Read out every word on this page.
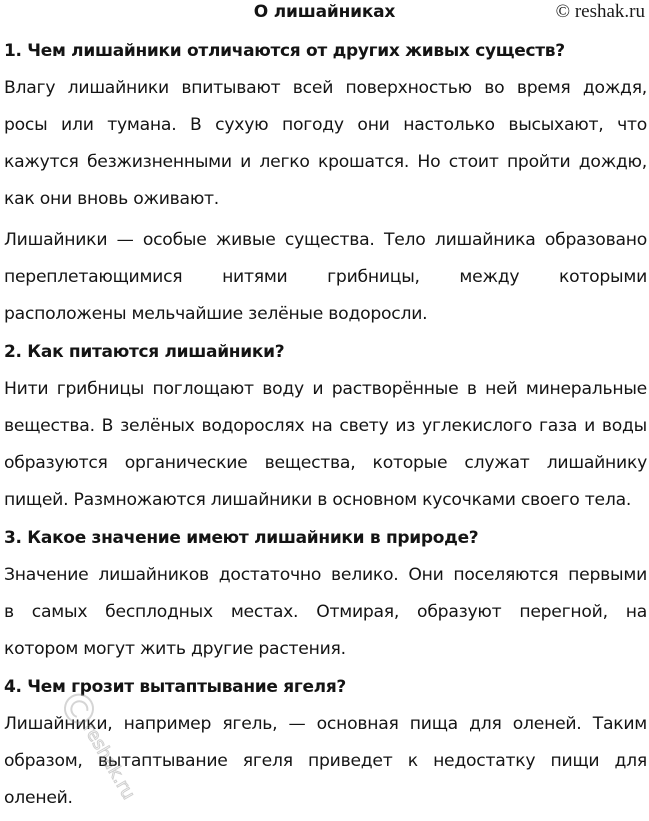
О лишайниках	© reshak.ru
1. Чем лишайники отличаются от других живых существ?
Влагу лишайники впитывают всей поверхностью во время дождя,
росы или тумана. В сухую погоду они настолько высыхают, что
кажутся безжизненными и легко крошатся. Но стоит пройти дождю,
как они вновь оживают.
Лишайники — особые живые существа. Тело лишайника образовано
переплетающимися нитями грибницы, между которыми
расположены мельчайшие зелёные водоросли.
2. Как питаются лишайники?
Нити грибницы поглощают воду и растворённые в ней минеральные
вещества. В зелёных водорослях на свету из углекислого газа и воды
образуются органические вещества, которые служат лишайнику
пищей. Размножаются лишайники в основном кусочками своего тела.
3. Какое значение имеют лишайники в природе?
Значение лишайников достаточно велико. Они поселяются первыми
в самых бесплодных местах. Отмирая, образуют перегной, на
котором могут жить другие растения.
4. Чем грозит вытаптывание ягеля?
Лишайники, например ягель, — основная пища для оленей. Таким
образом, вытаптывание ягеля приведет к недостатку пищи для
оленей. reshak.ru
